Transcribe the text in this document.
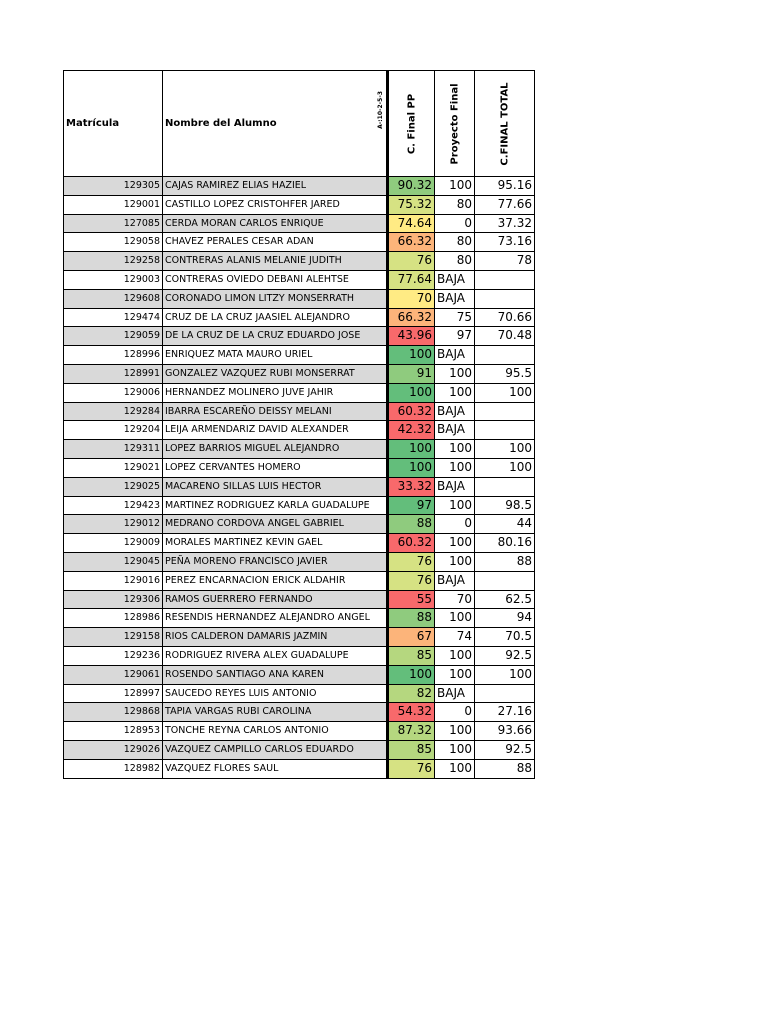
Matrícula	Nombre del Alumno A-:10-2-5-3	C. Final PP	Proyecto Final	C.FINAL TOTAL

129305	CAJAS RAMIREZ ELIAS HAZIEL	90.32	100	95.16
129001	CASTILLO LOPEZ CRISTOHFER JARED	75.32	80	77.66
127085	CERDA MORAN CARLOS ENRIQUE	74.64	0	37.32
129058	CHAVEZ PERALES CESAR ADAN	66.32	80	73.16
129258	CONTRERAS ALANIS MELANIE JUDITH	76	80	78
129003	CONTRERAS OVIEDO DEBANI ALEHTSE	77.64	BAJA	
129608	CORONADO LIMON LITZY MONSERRATH	70	BAJA	
129474	CRUZ DE LA CRUZ JAASIEL ALEJANDRO	66.32	75	70.66
129059	DE LA CRUZ DE LA CRUZ EDUARDO JOSE	43.96	97	70.48
128996	ENRIQUEZ MATA MAURO URIEL	100	BAJA	
128991	GONZALEZ VAZQUEZ RUBI MONSERRAT	91	100	95.5
129006	HERNANDEZ MOLINERO JUVE JAHIR	100	100	100
129284	IBARRA ESCAREÑO DEISSY MELANI	60.32	BAJA	
129204	LEIJA ARMENDARIZ DAVID ALEXANDER	42.32	BAJA	
129311	LOPEZ BARRIOS MIGUEL ALEJANDRO	100	100	100
129021	LOPEZ CERVANTES HOMERO	100	100	100
129025	MACARENO SILLAS LUIS HECTOR	33.32	BAJA	
129423	MARTINEZ RODRIGUEZ KARLA GUADALUPE	97	100	98.5
129012	MEDRANO CORDOVA ANGEL GABRIEL	88	0	44
129009	MORALES MARTINEZ KEVIN GAEL	60.32	100	80.16
129045	PEÑA MORENO FRANCISCO JAVIER	76	100	88
129016	PEREZ ENCARNACION ERICK ALDAHIR	76	BAJA	
129306	RAMOS GUERRERO FERNANDO	55	70	62.5
128986	RESENDIS HERNANDEZ ALEJANDRO ANGEL	88	100	94
129158	RIOS CALDERON DAMARIS JAZMIN	67	74	70.5
129236	RODRIGUEZ RIVERA ALEX GUADALUPE	85	100	92.5
129061	ROSENDO SANTIAGO ANA KAREN	100	100	100
128997	SAUCEDO REYES LUIS ANTONIO	82	BAJA	
129868	TAPIA VARGAS RUBI CAROLINA	54.32	0	27.16
128953	TONCHE REYNA CARLOS ANTONIO	87.32	100	93.66
129026	VAZQUEZ CAMPILLO CARLOS EDUARDO	85	100	92.5
128982	VAZQUEZ FLORES SAUL	76	100	88
